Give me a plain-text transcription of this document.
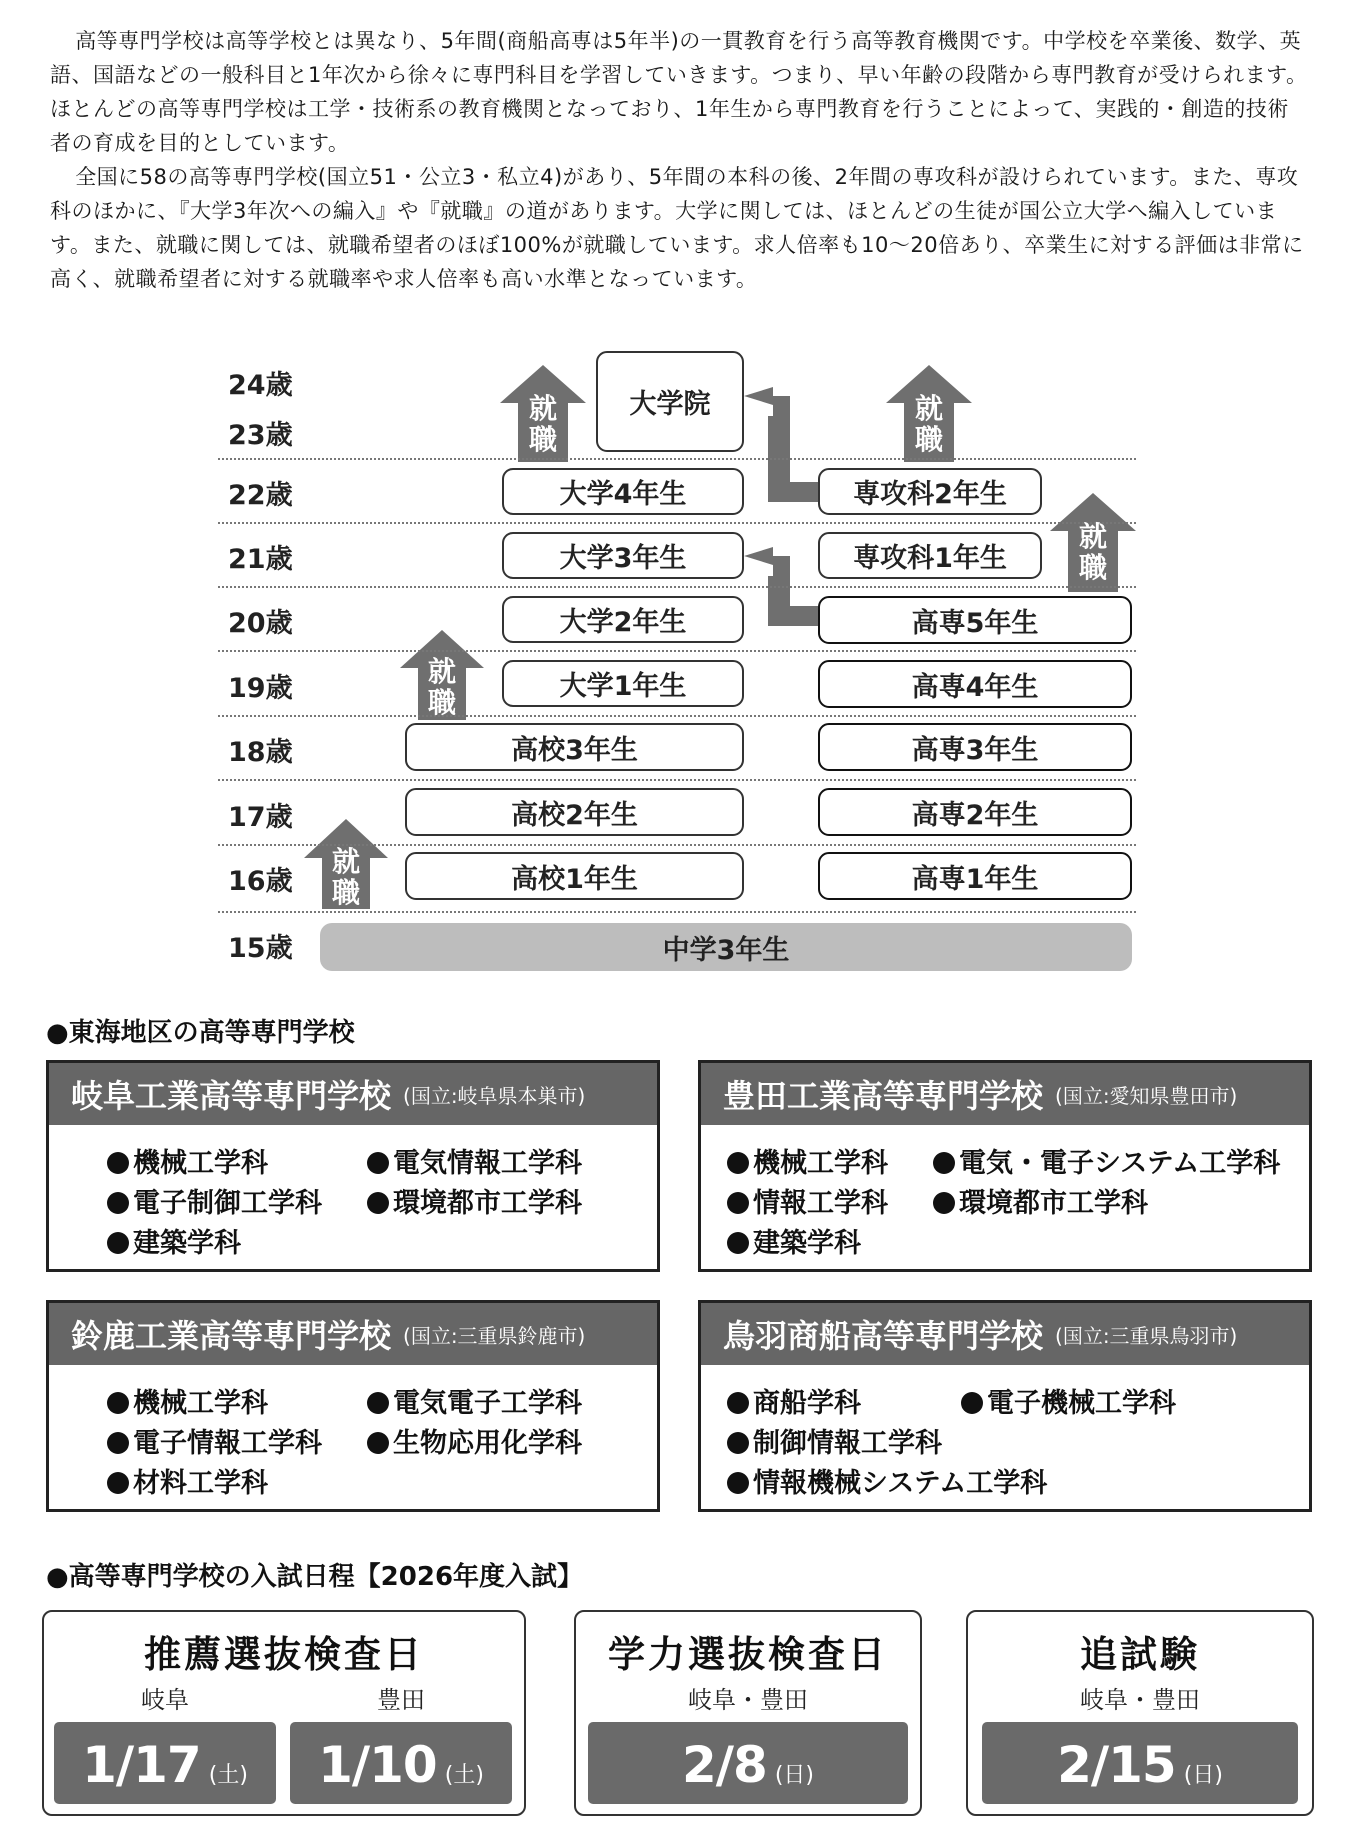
高等専門学校は高等学校とは異なり、5年間(商船高専は5年半)の一貫教育を行う高等教育機関です。中学校を卒業後、数学、英語、国語などの一般科目と1年次から徐々に専門科目を学習していきます。つまり、早い年齢の段階から専門教育が受けられます。ほとんどの高等専門学校は工学・技術系の教育機関となっており、1年生から専門教育を行うことによって、実践的・創造的技術者の育成を目的としています。

全国に58の高等専門学校(国立51・公立3・私立4)があり、5年間の本科の後、2年間の専攻科が設けられています。また、専攻科のほかに、『大学3年次への編入』や『就職』の道があります。大学に関しては、ほとんどの生徒が国公立大学へ編入しています。また、就職に関しては、就職希望者のほぼ100%が就職しています。求人倍率も10〜20倍あり、卒業生に対する評価は非常に高く、就職希望者に対する就職率や求人倍率も高い水準となっています。

24歳
23歳
22歳
21歳
20歳
19歳
18歳
17歳
16歳
15歳
大学院
大学4年生
大学3年生
大学2年生
大学1年生
高校3年生
高校2年生
高校1年生
専攻科2年生
専攻科1年生
高専5年生
高専4年生
高専3年生
高専2年生
高専1年生
中学3年生
就
職
就
職
就
職
就
職
就
職
●東海地区の高等専門学校
岐阜工業高等専門学校 (国立:岐阜県本巣市)
機械工学科	電気情報工学科
電子制御工学科	環境都市工学科
建築学科
豊田工業高等専門学校 (国立:愛知県豊田市)
機械工学科	電気・電子システム工学科
情報工学科	環境都市工学科
建築学科
鈴鹿工業高等専門学校 (国立:三重県鈴鹿市)
機械工学科	電気電子工学科
電子情報工学科	生物応用化学科
材料工学科
鳥羽商船高等専門学校 (国立:三重県鳥羽市)
商船学科	電子機械工学科
制御情報工学科
情報機械システム工学科
●高等専門学校の入試日程【2026年度入試】
推薦選抜検査日
岐阜	豊田
1/17 (土) 1/10 (土)
学力選抜検査日
岐阜・豊田
2/8 (日)
追試験
岐阜・豊田
2/15 (日)
